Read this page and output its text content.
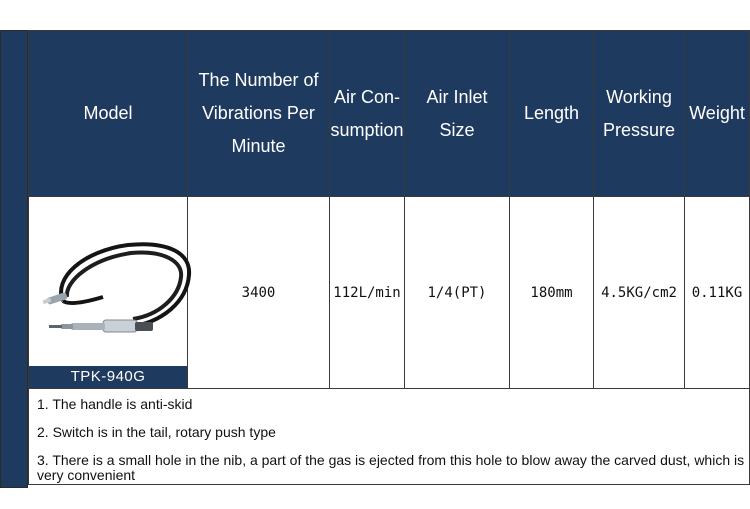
Model	The Number of Vibrations Per Minute	Air Con-sumption	Air Inlet Size	Length	Working Pressure	Weight

TPK-940G	3400	112L/min	1/4(PT)	180mm	4.5KG/cm2	0.11KG

1. The handle is anti-skid
2. Switch is in the tail, rotary push type
3. There is a small hole in the nib, a part of the gas is ejected from this hole to blow away the carved dust, which is very convenient						
